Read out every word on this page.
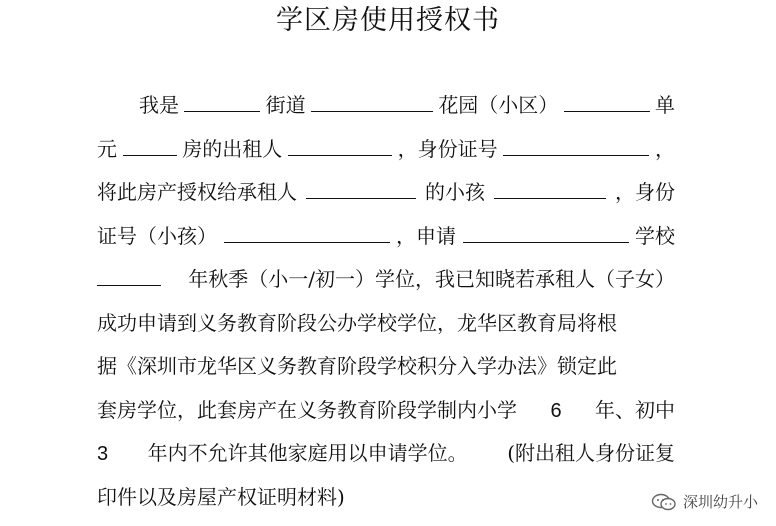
学区房使用授权书
我是	街道	花园（小区）	单
元	房的出租人	，身份证号	，
将此房产授权给承租人	的小孩	，身份
证号（小孩）	，申请	学校
年秋季（小一/初一）学位，我已知晓若承租人（子女）
成功申请到义务教育阶段公办学校学位，龙华区教育局将根
据《深圳市龙华区义务教育阶段学校积分入学办法》锁定此
套房学位，此套房产在义务教育阶段学制内小学 6 年、初中
3 年内不允许其他家庭用以申请学位。 (附出租人身份证复
印件以及房屋产权证明材料)	深圳幼升小
